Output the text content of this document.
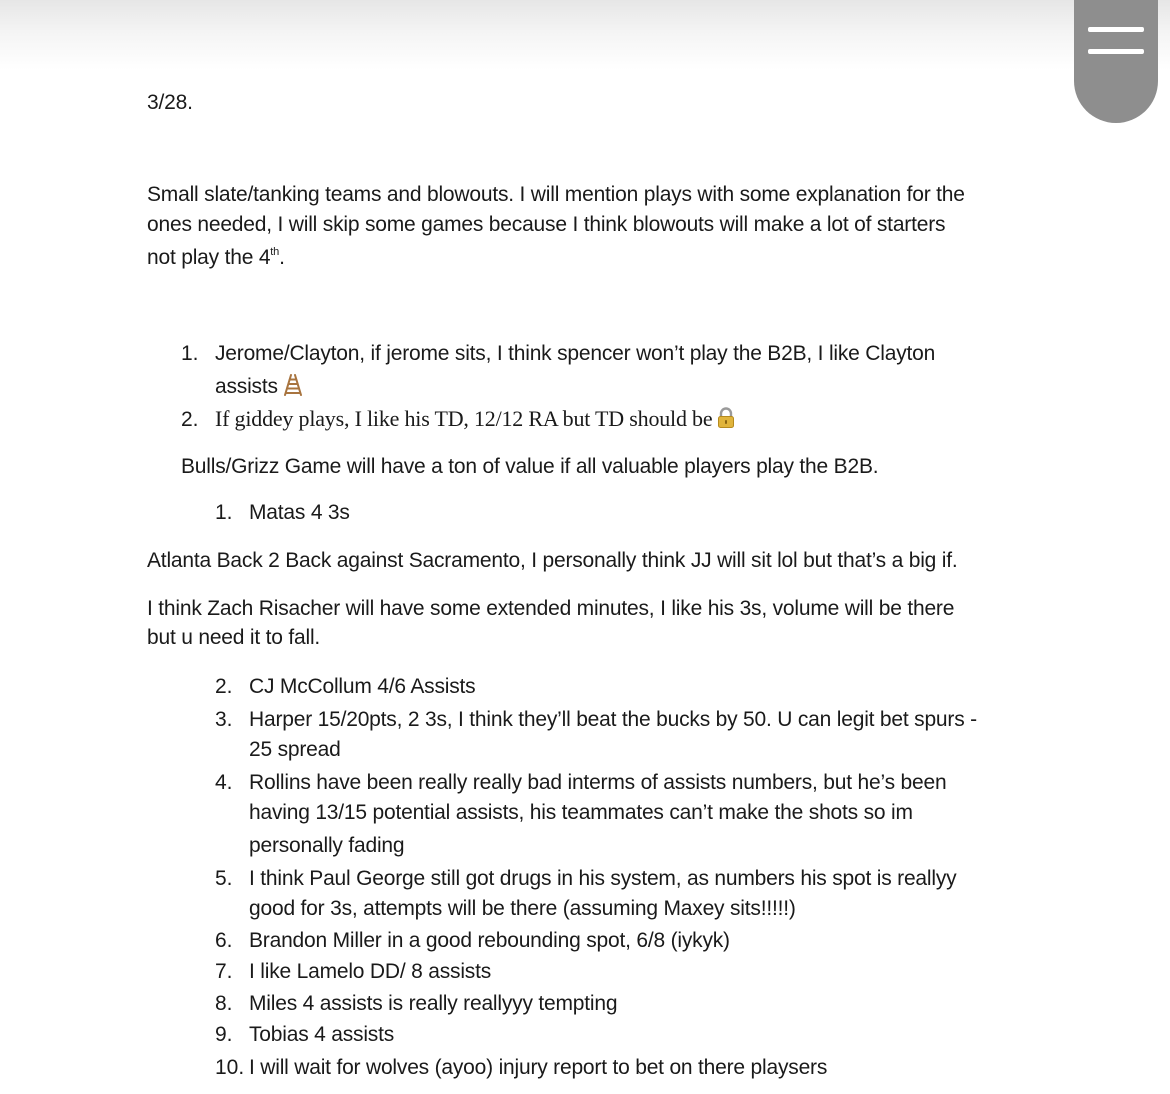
3/28.
Small slate/tanking teams and blowouts. I will mention plays with some explanation for the
ones needed, I will skip some games because I think blowouts will make a lot of starters
not play the 4th.
1. Jerome/Clayton, if jerome sits, I think spencer won’t play the B2B, I like Clayton
assists
2. If giddey plays, I like his TD, 12/12 RA but TD should be
Bulls/Grizz Game will have a ton of value if all valuable players play the B2B.
1. Matas 4 3s
Atlanta Back 2 Back against Sacramento, I personally think JJ will sit lol but that’s a big if.
I think Zach Risacher will have some extended minutes, I like his 3s, volume will be there
but u need it to fall.
2. CJ McCollum 4/6 Assists
3. Harper 15/20pts, 2 3s, I think they’ll beat the bucks by 50. U can legit bet spurs -
25 spread
4. Rollins have been really really bad interms of assists numbers, but he’s been
having 13/15 potential assists, his teammates can’t make the shots so im
personally fading
5. I think Paul George still got drugs in his system, as numbers his spot is reallyy
good for 3s, attempts will be there (assuming Maxey sits!!!!!)
6. Brandon Miller in a good rebounding spot, 6/8 (iykyk)
7. I like Lamelo DD/ 8 assists
8. Miles 4 assists is really reallyyy tempting
9. Tobias 4 assists
10. I will wait for wolves (ayoo) injury report to bet on there playsers
